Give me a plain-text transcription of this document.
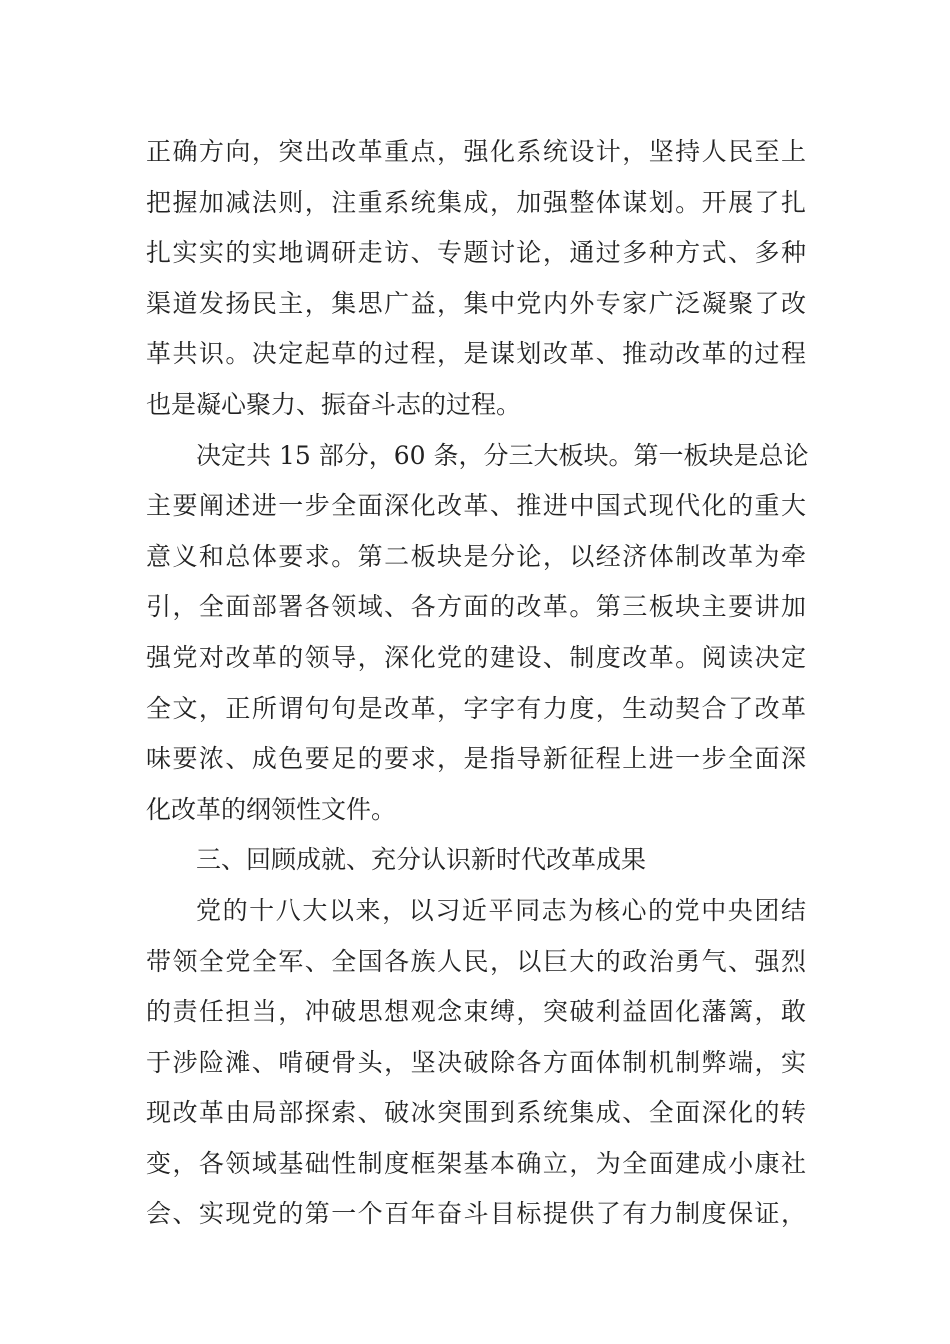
正确方向，突出改革重点，强化系统设计，坚持人民至上
把握加减法则，注重系统集成，加强整体谋划。开展了扎
扎实实的实地调研走访、专题讨论，通过多种方式、多种
渠道发扬民主，集思广益，集中党内外专家广泛凝聚了改
革共识。决定起草的过程，是谋划改革、推动改革的过程
也是凝心聚力、振奋斗志的过程。
决定共 15 部分，60 条，分三大板块。第一板块是总论
主要阐述进一步全面深化改革、推进中国式现代化的重大
意义和总体要求。第二板块是分论，以经济体制改革为牵
引，全面部署各领域、各方面的改革。第三板块主要讲加
强党对改革的领导，深化党的建设、制度改革。阅读决定
全文，正所谓句句是改革，字字有力度，生动契合了改革
味要浓、成色要足的要求，是指导新征程上进一步全面深
化改革的纲领性文件。
三、回顾成就、充分认识新时代改革成果
党的十八大以来，以习近平同志为核心的党中央团结
带领全党全军、全国各族人民，以巨大的政治勇气、强烈
的责任担当，冲破思想观念束缚，突破利益固化藩篱，敢
于涉险滩、啃硬骨头，坚决破除各方面体制机制弊端，实
现改革由局部探索、破冰突围到系统集成、全面深化的转
变，各领域基础性制度框架基本确立，为全面建成小康社
会、实现党的第一个百年奋斗目标提供了有力制度保证，
